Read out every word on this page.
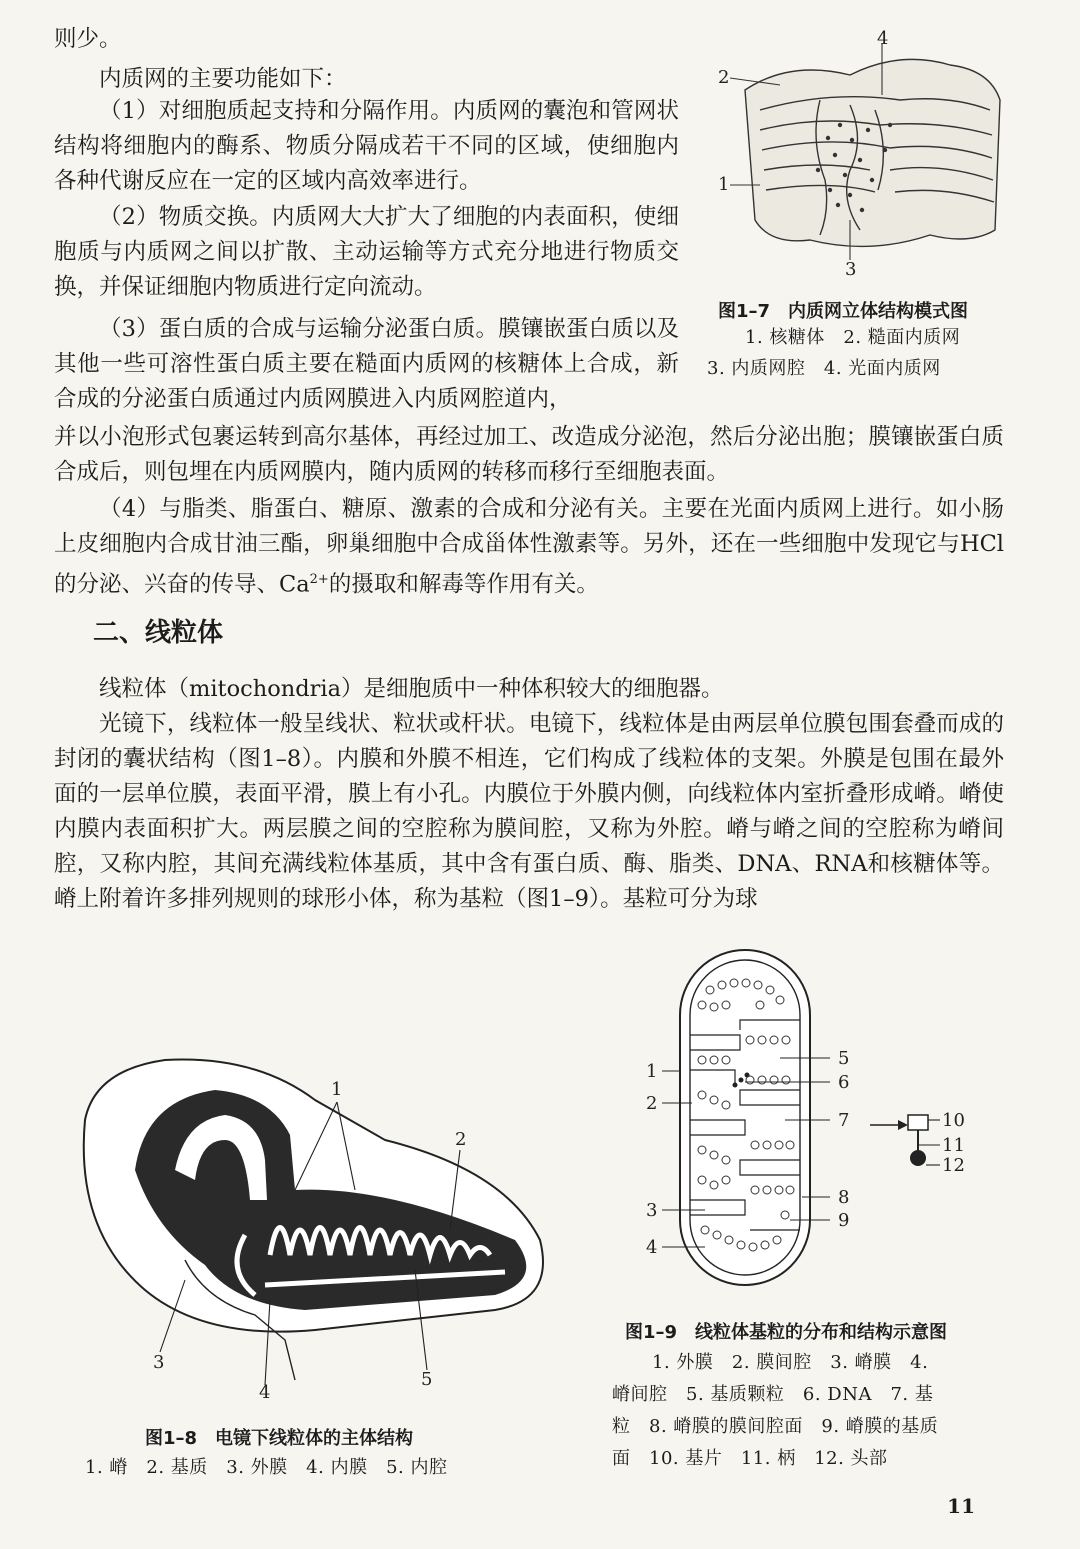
则少。

内质网的主要功能如下：

（1）对细胞质起支持和分隔作用。内质网的囊泡和管网状结构将细胞内的酶系、物质分隔成若干不同的区域，使细胞内各种代谢反应在一定的区域内高效率进行。

（2）物质交换。内质网大大扩大了细胞的内表面积，使细胞质与内质网之间以扩散、主动运输等方式充分地进行物质交换，并保证细胞内物质进行定向流动。

（3）蛋白质的合成与运输分泌蛋白质。膜镶嵌蛋白质以及其他一些可溶性蛋白质主要在糙面内质网的核糖体上合成，新合成的分泌蛋白质通过内质网膜进入内质网腔道内，

并以小泡形式包裹运转到高尔基体，再经过加工、改造成分泌泡，然后分泌出胞；膜镶嵌蛋白质合成后，则包埋在内质网膜内，随内质网的转移而移行至细胞表面。

（4）与脂类、脂蛋白、糖原、激素的合成和分泌有关。主要在光面内质网上进行。如小肠上皮细胞内合成甘油三酯，卵巢细胞中合成甾体性激素等。另外，还在一些细胞中发现它与HCl的分泌、兴奋的传导、$Ca^{2+}$的摄取和解毒等作用有关。

二、线粒体

线粒体（mitochondria）是细胞质中一种体积较大的细胞器。

光镜下，线粒体一般呈线状、粒状或杆状。电镜下，线粒体是由两层单位膜包围套叠而成的封闭的囊状结构（图1–8）。内膜和外膜不相连，它们构成了线粒体的支架。外膜是包围在最外面的一层单位膜，表面平滑，膜上有小孔。内膜位于外膜内侧，向线粒体内室折叠形成嵴。嵴使内膜内表面积扩大。两层膜之间的空腔称为膜间腔，又称为外腔。嵴与嵴之间的空腔称为嵴间腔，又称内腔，其间充满线粒体基质，其中含有蛋白质、酶、脂类、DNA、RNA和核糖体等。嵴上附着许多排列规则的球形小体，称为基粒（图1–9）。基粒可分为球

1
2
3
4

图1–7　内质网立体结构模式图

1. 核糖体　2. 糙面内质网

3. 内质网腔　4. 光面内质网

1
2
3
4
5

图1–8　电镜下线粒体的主体结构

1. 嵴　2. 基质　3. 外膜　4. 内膜　5. 内腔

1
2
3
4
5
6
7
8
9
10
11
12

图1–9　线粒体基粒的分布和结构示意图

1. 外膜　2. 膜间腔　3. 嵴膜　4.

嵴间腔　5. 基质颗粒　6. DNA　7. 基

粒　8. 嵴膜的膜间腔面　9. 嵴膜的基质

面　10. 基片　11. 柄　12. 头部

11
